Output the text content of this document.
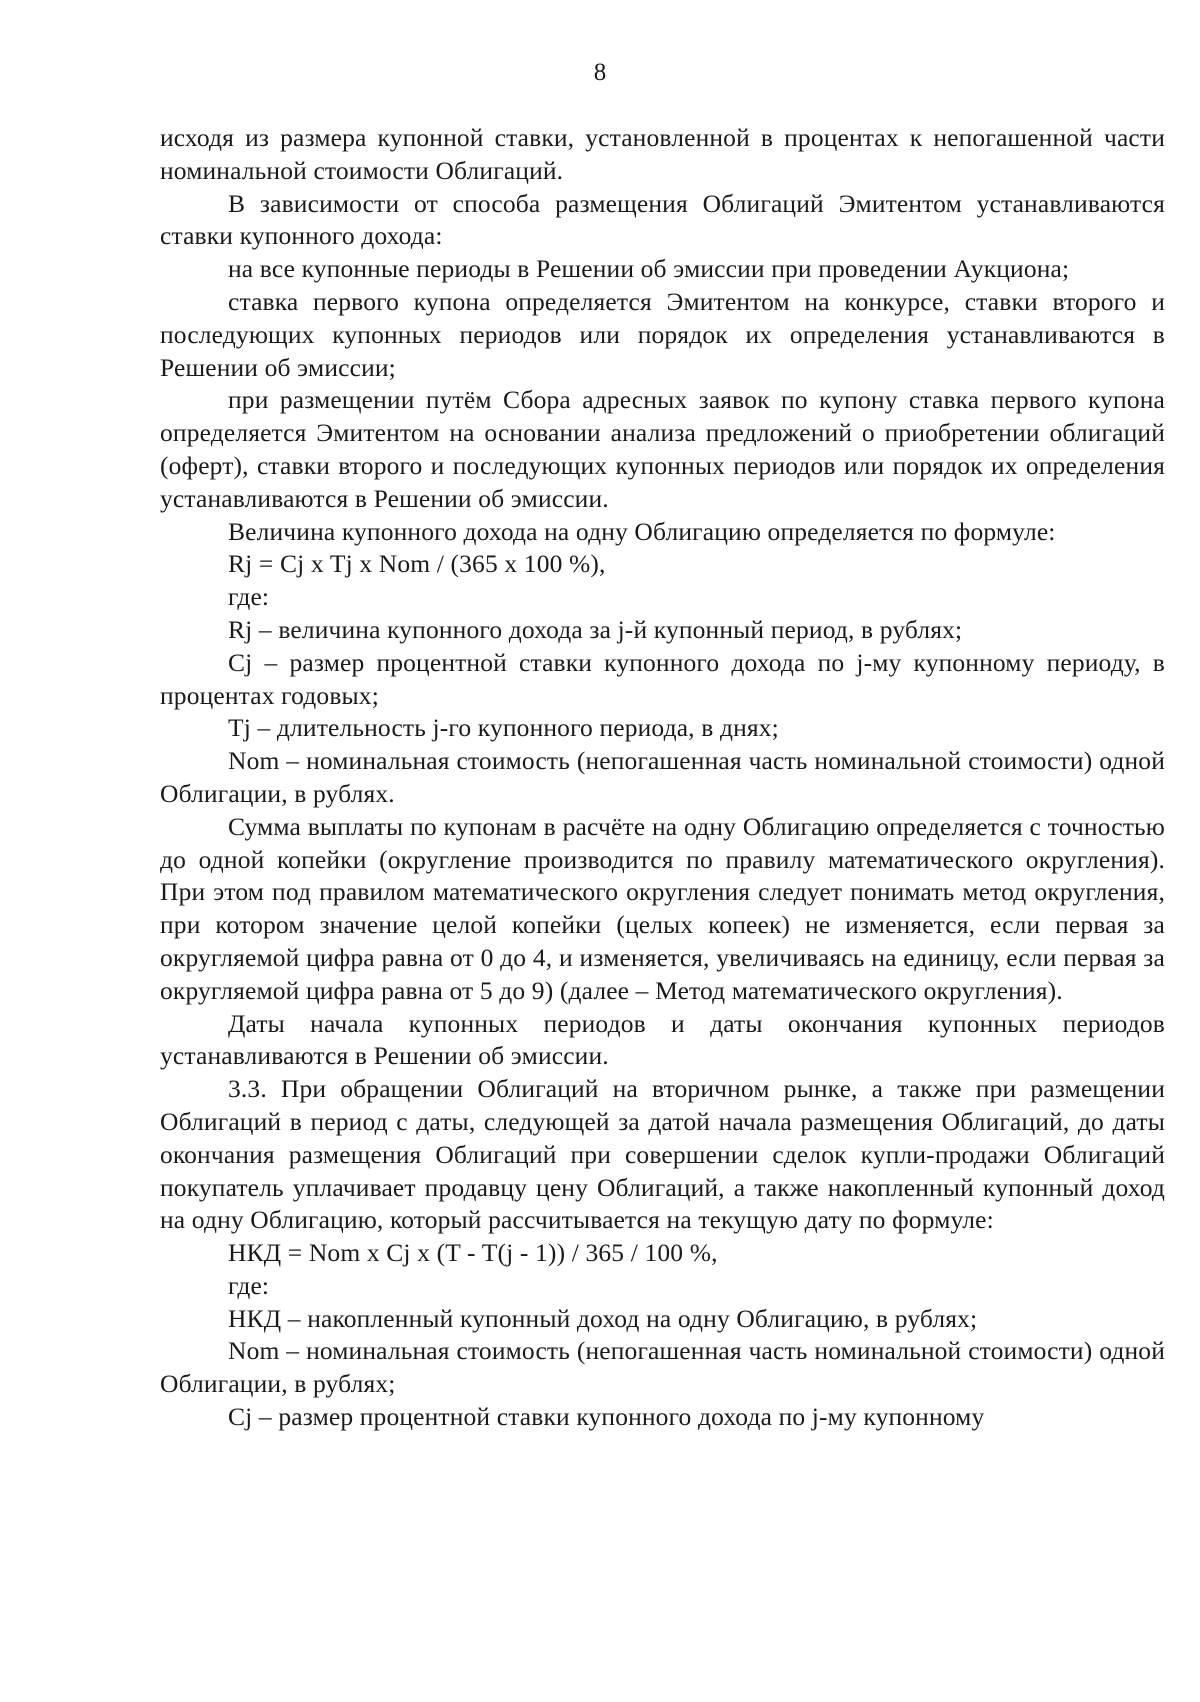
8

исходя из размера купонной ставки, установленной в процентах к непогашенной части номинальной стоимости Облигаций.

В зависимости от способа размещения Облигаций Эмитентом устанавливаются ставки купонного дохода:

на все купонные периоды в Решении об эмиссии при проведении Аукциона;

ставка первого купона определяется Эмитентом на конкурсе, ставки второго и последующих купонных периодов или порядок их определения устанавливаются в Решении об эмиссии;

при размещении путём Сбора адресных заявок по купону ставка первого купона определяется Эмитентом на основании анализа предложений о приобретении облигаций (оферт), ставки второго и последующих купонных периодов или порядок их определения устанавливаются в Решении об эмиссии.

Величина купонного дохода на одну Облигацию определяется по формуле:

Rj = Cj x Tj x Nom / (365 x 100 %),

где:

Rj – величина купонного дохода за j-й купонный период, в рублях;

Cj – размер процентной ставки купонного дохода по j-му купонному периоду, в процентах годовых;

Tj – длительность j-го купонного периода, в днях;

Nom – номинальная стоимость (непогашенная часть номинальной стоимости) одной Облигации, в рублях.

Сумма выплаты по купонам в расчёте на одну Облигацию определяется с точностью до одной копейки (округление производится по правилу математического округления). При этом под правилом математического округления следует понимать метод округления, при котором значение целой копейки (целых копеек) не изменяется, если первая за округляемой цифра равна от 0 до 4, и изменяется, увеличиваясь на единицу, если первая за округляемой цифра равна от 5 до 9) (далее – Метод математического округления).

Даты начала купонных периодов и даты окончания купонных периодов устанавливаются в Решении об эмиссии.

3.3. При обращении Облигаций на вторичном рынке, а также при размещении Облигаций в период с даты, следующей за датой начала размещения Облигаций, до даты окончания размещения Облигаций при совершении сделок купли-продажи Облигаций покупатель уплачивает продавцу цену Облигаций, а также накопленный купонный доход на одну Облигацию, который рассчитывается на текущую дату по формуле:

НКД = Nom x Cj x (T - T(j - 1)) / 365 / 100 %,

где:

НКД – накопленный купонный доход на одну Облигацию, в рублях;

Nom – номинальная стоимость (непогашенная часть номинальной стоимости) одной Облигации, в рублях;

Cj – размер процентной ставки купонного дохода по j-му купонному
